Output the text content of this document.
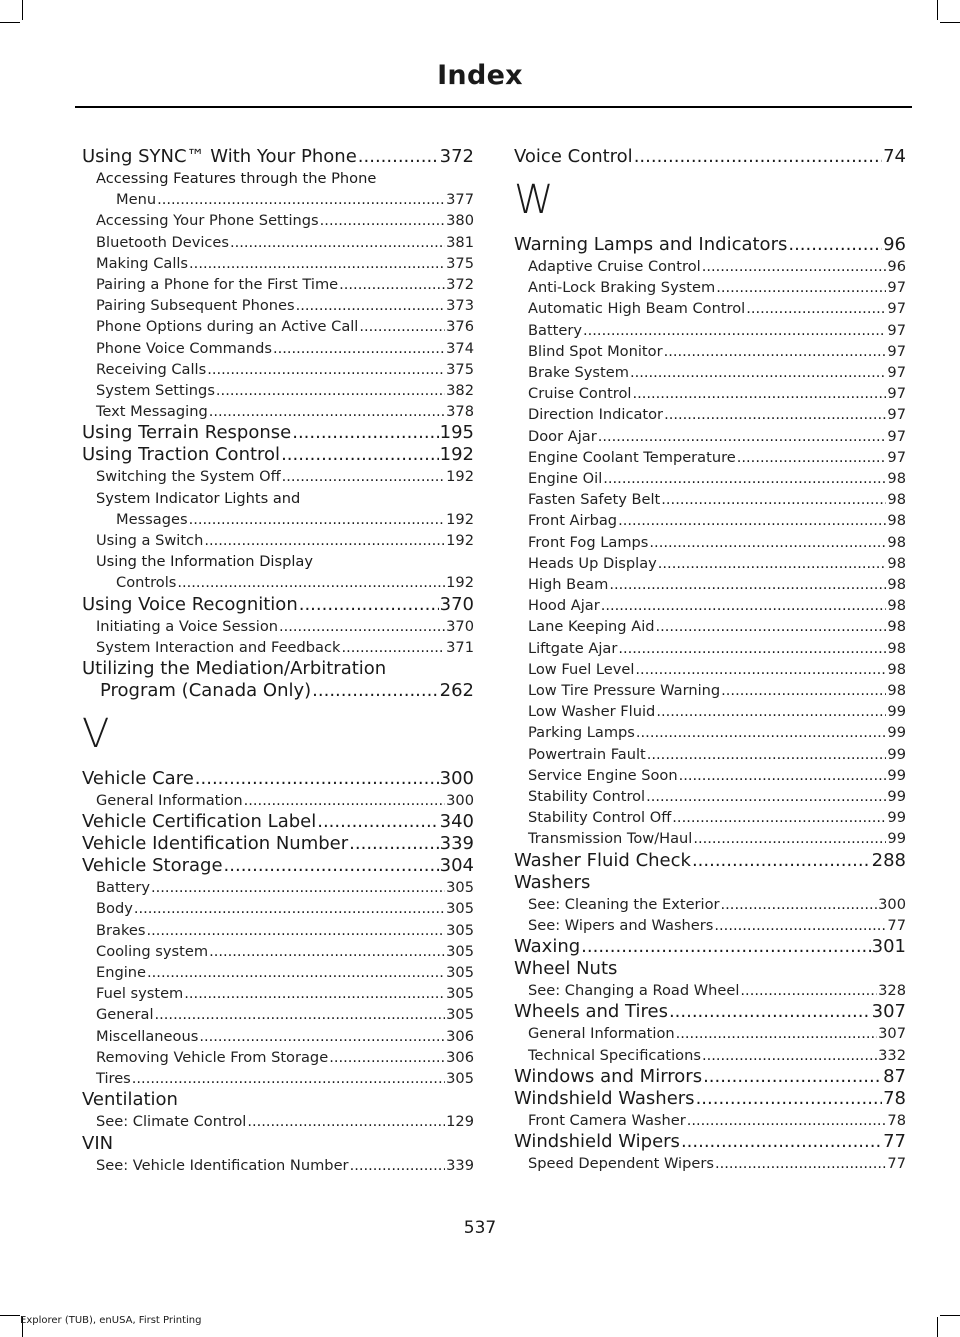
Index
Using SYNC™ With Your Phone .....	372
Accessing Features through the Phone
Menu .....	377
Accessing Your Phone Settings .....	380
Bluetooth Devices .....	381
Making Calls .....	375
Pairing a Phone for the First Time .....	372
Pairing Subsequent Phones .....	373
Phone Options during an Active Call .....	376
Phone Voice Commands .....	374
Receiving Calls .....	375
System Settings .....	382
Text Messaging .....	378
Using Terrain Response .....	195
Using Traction Control .....	192
Switching the System Off .....	192
System Indicator Lights and
Messages .....	192
Using a Switch .....	192
Using the Information Display
Controls .....	192
Using Voice Recognition .....	370
Initiating a Voice Session .....	370
System Interaction and Feedback .....	371
Utilizing the Mediation/Arbitration
Program (Canada Only) .....	262
V
Vehicle Care .....	300
General Information .....	300
Vehicle Certification Label .....	340
Vehicle Identification Number .....	339
Vehicle Storage .....	304
Battery .....	305
Body .....	305
Brakes .....	305
Cooling system .....	305
Engine .....	305
Fuel system .....	305
General .....	305
Miscellaneous .....	306
Removing Vehicle From Storage .....	306
Tires .....	305
Ventilation
See: Climate Control .....	129
VIN
See: Vehicle Identification Number .....	339
Voice Control .....	74
W
Warning Lamps and Indicators .....	96
Adaptive Cruise Control .....	96
Anti-Lock Braking System .....	97
Automatic High Beam Control .....	97
Battery .....	97
Blind Spot Monitor .....	97
Brake System .....	97
Cruise Control .....	97
Direction Indicator .....	97
Door Ajar .....	97
Engine Coolant Temperature .....	97
Engine Oil .....	98
Fasten Safety Belt .....	98
Front Airbag .....	98
Front Fog Lamps .....	98
Heads Up Display .....	98
High Beam .....	98
Hood Ajar .....	98
Lane Keeping Aid .....	98
Liftgate Ajar .....	98
Low Fuel Level .....	98
Low Tire Pressure Warning .....	98
Low Washer Fluid .....	99
Parking Lamps .....	99
Powertrain Fault .....	99
Service Engine Soon .....	99
Stability Control .....	99
Stability Control Off .....	99
Transmission Tow/Haul .....	99
Washer Fluid Check .....	288
Washers
See: Cleaning the Exterior .....	300
See: Wipers and Washers .....	77
Waxing .....	301
Wheel Nuts
See: Changing a Road Wheel .....	328
Wheels and Tires .....	307
General Information .....	307
Technical Specifications .....	332
Windows and Mirrors .....	87
Windshield Washers .....	78
Front Camera Washer .....	78
Windshield Wipers .....	77
Speed Dependent Wipers .....	77
537
Explorer (TUB), enUSA, First Printing
